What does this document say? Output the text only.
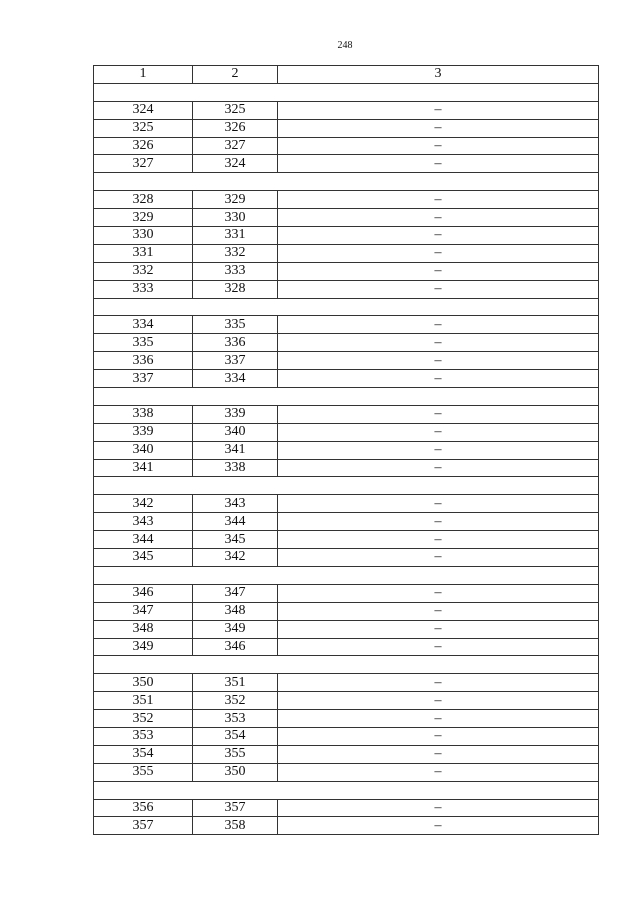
248
1	2	3

324	325	–
325	326	–
326	327	–
327	324	–

328	329	–
329	330	–
330	331	–
331	332	–
332	333	–
333	328	–

334	335	–
335	336	–
336	337	–
337	334	–

338	339	–
339	340	–
340	341	–
341	338	–

342	343	–
343	344	–
344	345	–
345	342	–

346	347	–
347	348	–
348	349	–
349	346	–

350	351	–
351	352	–
352	353	–
353	354	–
354	355	–
355	350	–

356	357	–
357	358	–
